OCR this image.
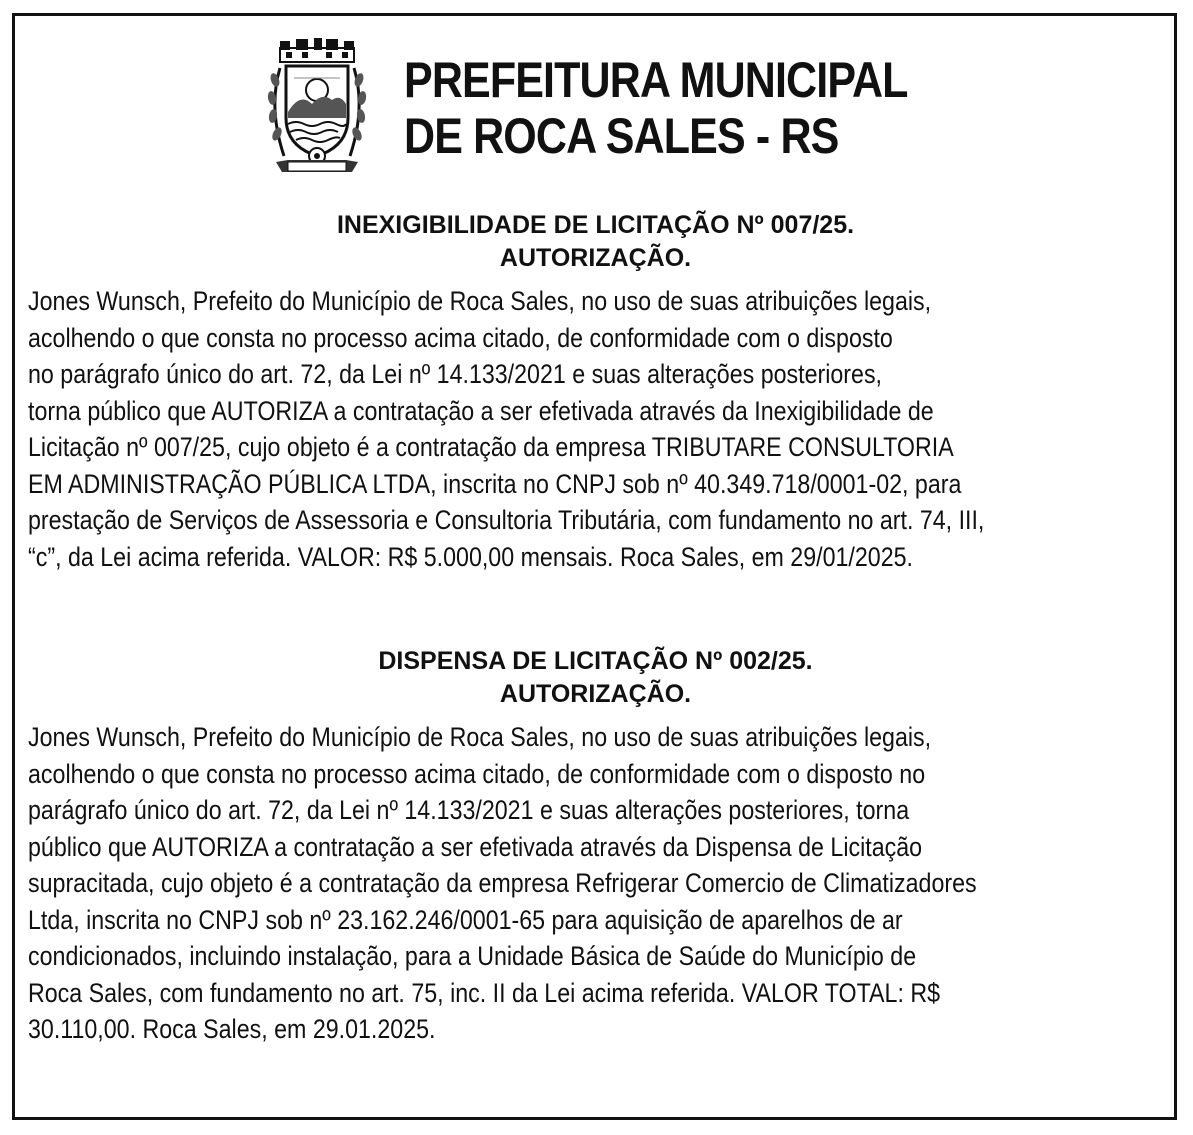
PREFEITURA MUNICIPAL
DE ROCA SALES - RS
INEXIGIBILIDADE DE LICITAÇÃO Nº 007/25.
AUTORIZAÇÃO.
Jones Wunsch, Prefeito do Município de Roca Sales, no uso de suas atribuições legais,
acolhendo o que consta no processo acima citado, de conformidade com o disposto
no parágrafo único do art. 72, da Lei nº 14.133/2021 e suas alterações posteriores,
torna público que AUTORIZA a contratação a ser efetivada através da Inexigibilidade de
Licitação nº 007/25, cujo objeto é a contratação da empresa TRIBUTARE CONSULTORIA
EM ADMINISTRAÇÃO PÚBLICA LTDA, inscrita no CNPJ sob nº 40.349.718/0001-02, para
prestação de Serviços de Assessoria e Consultoria Tributária, com fundamento no art. 74, III,
“c”, da Lei acima referida. VALOR: R$ 5.000,00 mensais. Roca Sales, em 29/01/2025.
DISPENSA DE LICITAÇÃO Nº 002/25.
AUTORIZAÇÃO.
Jones Wunsch, Prefeito do Município de Roca Sales, no uso de suas atribuições legais,
acolhendo o que consta no processo acima citado, de conformidade com o disposto no
parágrafo único do art. 72, da Lei nº 14.133/2021 e suas alterações posteriores, torna
público que AUTORIZA a contratação a ser efetivada através da Dispensa de Licitação
supracitada, cujo objeto é a contratação da empresa Refrigerar Comercio de Climatizadores
Ltda, inscrita no CNPJ sob nº 23.162.246/0001-65 para aquisição de aparelhos de ar
condicionados, incluindo instalação, para a Unidade Básica de Saúde do Município de
Roca Sales, com fundamento no art. 75, inc. II da Lei acima referida. VALOR TOTAL: R$
30.110,00. Roca Sales, em 29.01.2025.
